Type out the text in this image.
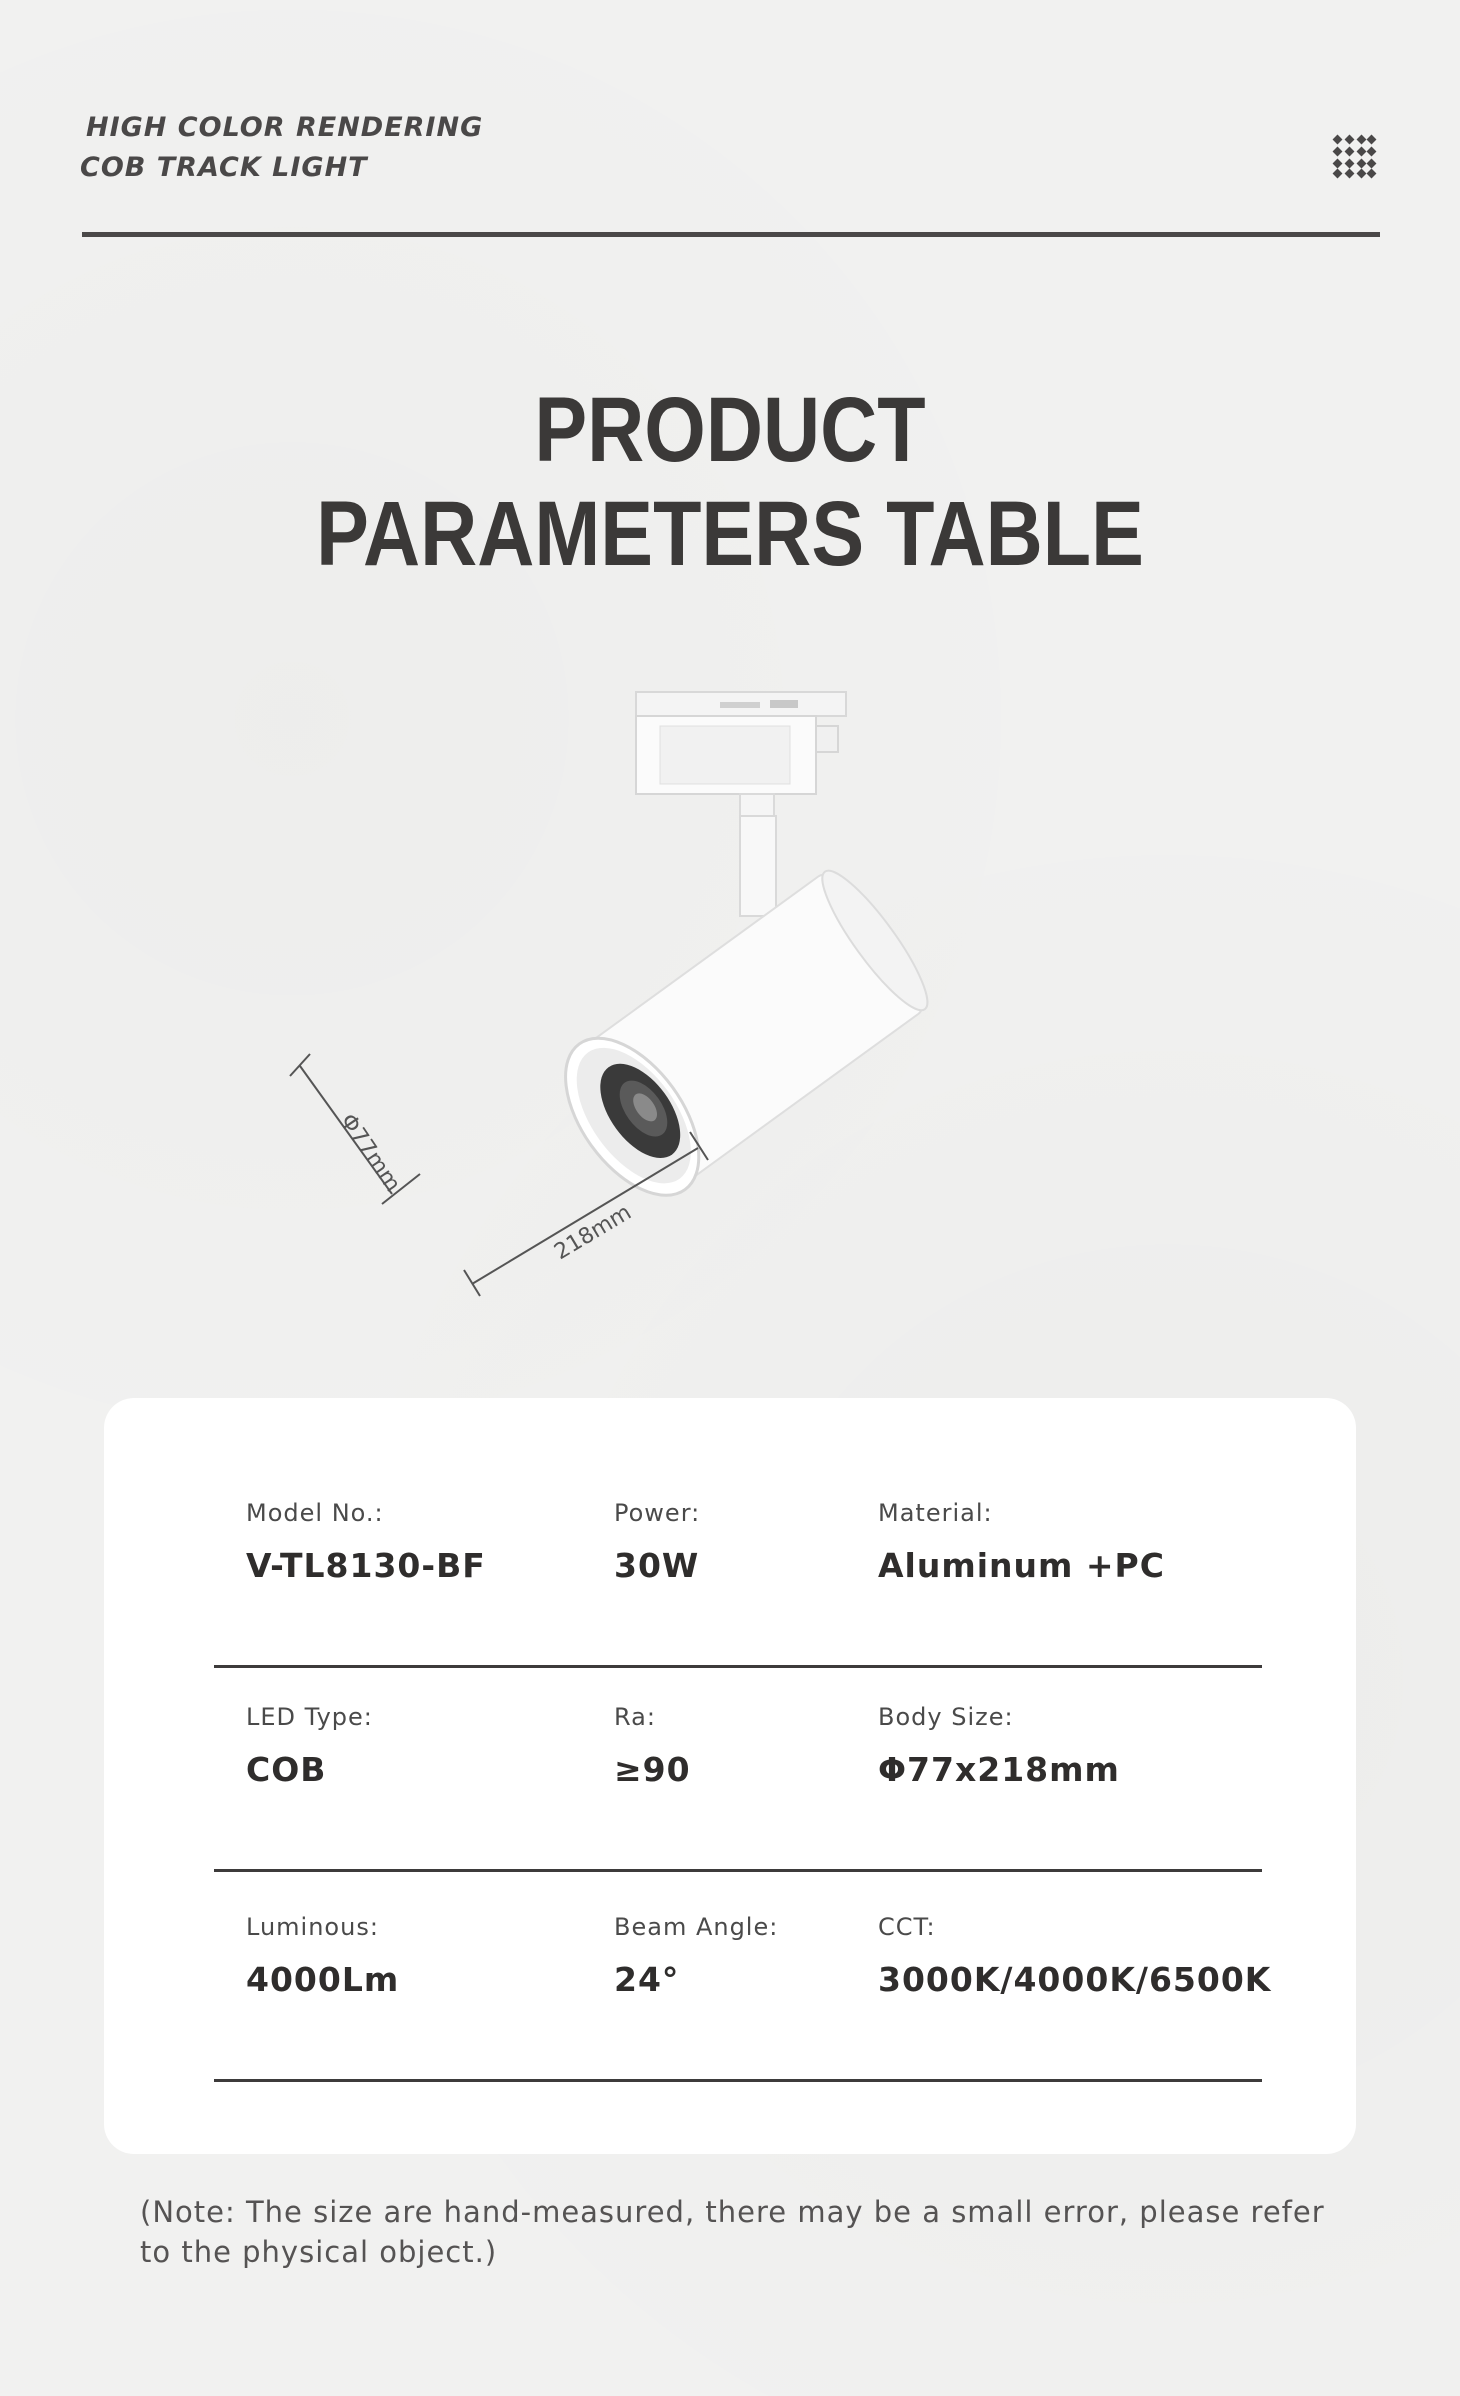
HIGH COLOR RENDERING
COB TRACK LIGHT
PRODUCT
PARAMETERS TABLE
Φ77mm
218mm
Model No.:
V-TL8130-BF
Power:
30W
Material:
Aluminum +PC
LED Type:
COB
Ra:
≥90
Body Size:
Φ77x218mm
Luminous:
4000Lm
Beam Angle:
24°
CCT:
3000K/4000K/6500K

(Note: The size are hand-measured, there may be a small error, please refer to the physical object.)
